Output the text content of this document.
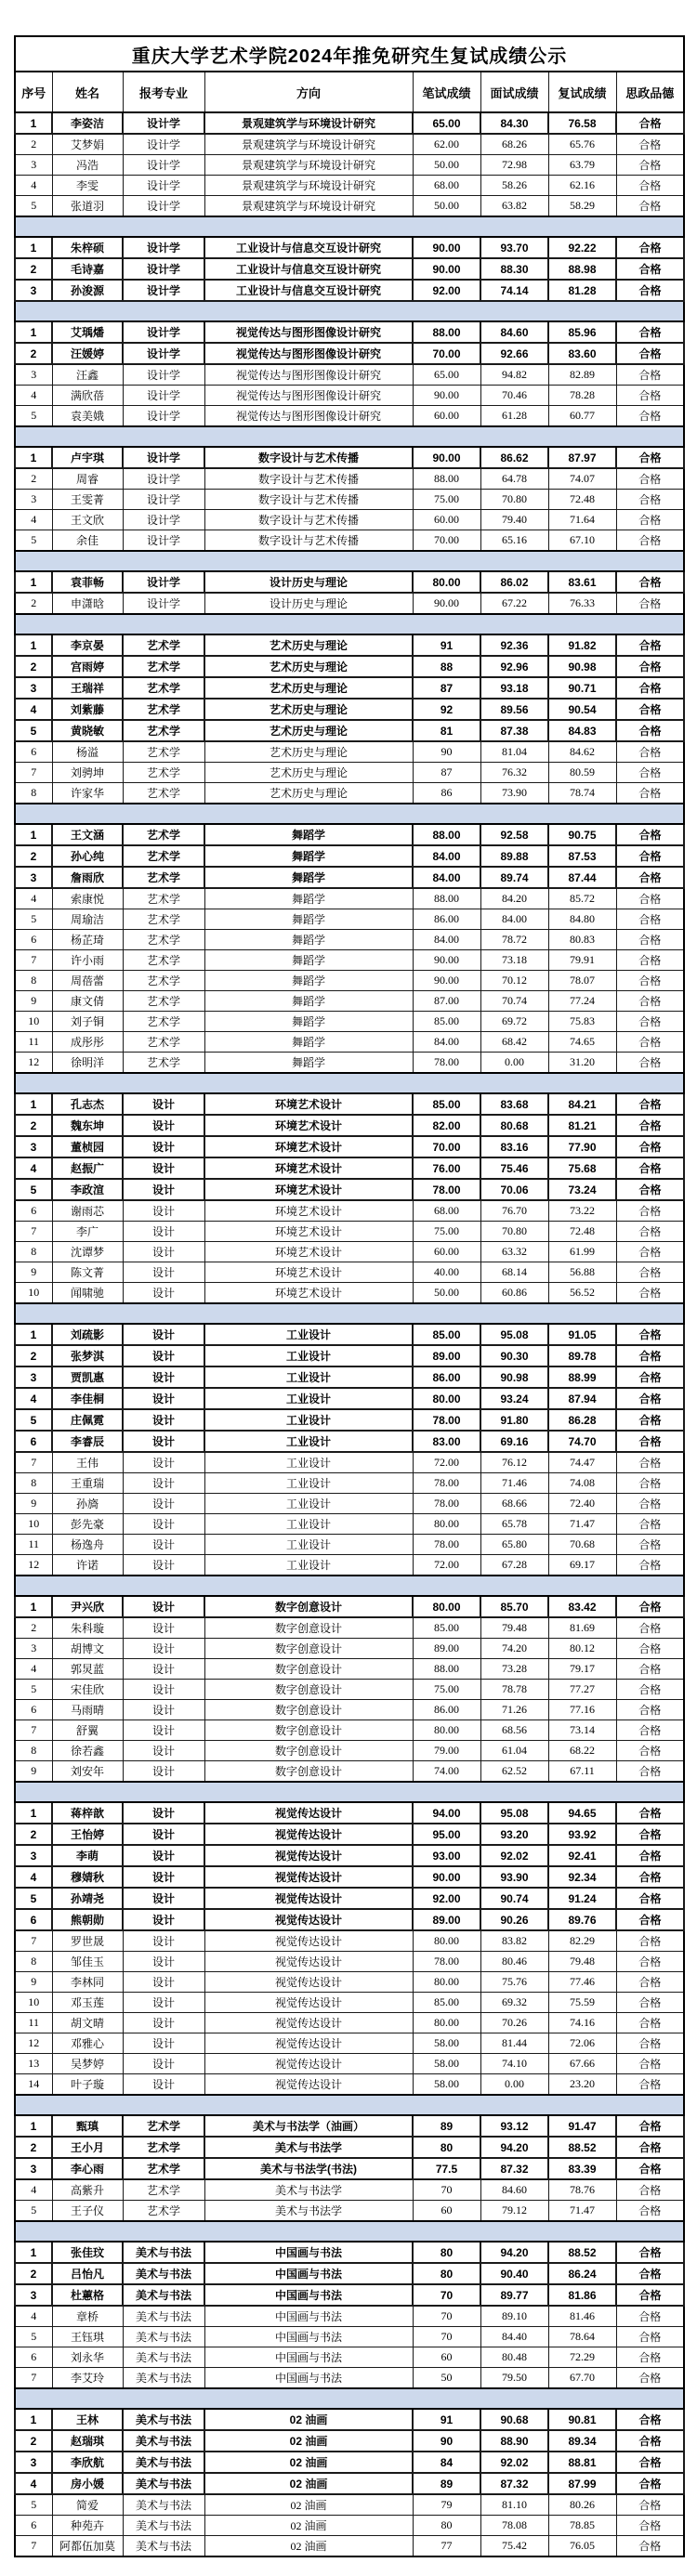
重庆大学艺术学院2024年推免研究生复试成绩公示							
序号	姓名	报考专业	方向	笔试成绩	面试成绩	复试成绩	思政品德
1	李姿洁	设计学	景观建筑学与环境设计研究	65.00	84.30	76.58	合格
2	艾梦娟	设计学	景观建筑学与环境设计研究	62.00	68.26	65.76	合格
3	冯浩	设计学	景观建筑学与环境设计研究	50.00	72.98	63.79	合格
4	李雯	设计学	景观建筑学与环境设计研究	68.00	58.26	62.16	合格
5	张道羽	设计学	景观建筑学与环境设计研究	50.00	63.82	58.29	合格

1	朱梓硕	设计学	工业设计与信息交互设计研究	90.00	93.70	92.22	合格
2	毛诗嘉	设计学	工业设计与信息交互设计研究	90.00	88.30	88.98	合格
3	孙浚源	设计学	工业设计与信息交互设计研究	92.00	74.14	81.28	合格

1	艾瑀燔	设计学	视觉传达与图形图像设计研究	88.00	84.60	85.96	合格
2	汪媛婷	设计学	视觉传达与图形图像设计研究	70.00	92.66	83.60	合格
3	汪鑫	设计学	视觉传达与图形图像设计研究	65.00	94.82	82.89	合格
4	满欣蓓	设计学	视觉传达与图形图像设计研究	90.00	70.46	78.28	合格
5	袁美娥	设计学	视觉传达与图形图像设计研究	60.00	61.28	60.77	合格

1	卢宇琪	设计学	数字设计与艺术传播	90.00	86.62	87.97	合格
2	周睿	设计学	数字设计与艺术传播	88.00	64.78	74.07	合格
3	王雯菁	设计学	数字设计与艺术传播	75.00	70.80	72.48	合格
4	王文欣	设计学	数字设计与艺术传播	60.00	79.40	71.64	合格
5	余佳	设计学	数字设计与艺术传播	70.00	65.16	67.10	合格

1	袁菲畅	设计学	设计历史与理论	80.00	86.02	83.61	合格
2	申潇晗	设计学	设计历史与理论	90.00	67.22	76.33	合格

1	李京晏	艺术学	艺术历史与理论	91	92.36	91.82	合格
2	宫雨婷	艺术学	艺术历史与理论	88	92.96	90.98	合格
3	王瑞祥	艺术学	艺术历史与理论	87	93.18	90.71	合格
4	刘紫藤	艺术学	艺术历史与理论	92	89.56	90.54	合格
5	黄晓敏	艺术学	艺术历史与理论	81	87.38	84.83	合格
6	杨溢	艺术学	艺术历史与理论	90	81.04	84.62	合格
7	刘骋坤	艺术学	艺术历史与理论	87	76.32	80.59	合格
8	许家华	艺术学	艺术历史与理论	86	73.90	78.74	合格

1	王文涵	艺术学	舞蹈学	88.00	92.58	90.75	合格
2	孙心纯	艺术学	舞蹈学	84.00	89.88	87.53	合格
3	詹雨欣	艺术学	舞蹈学	84.00	89.74	87.44	合格
4	索康悦	艺术学	舞蹈学	88.00	84.20	85.72	合格
5	周瑜洁	艺术学	舞蹈学	86.00	84.00	84.80	合格
6	杨芷琦	艺术学	舞蹈学	84.00	78.72	80.83	合格
7	许小雨	艺术学	舞蹈学	90.00	73.18	79.91	合格
8	周蓓蕾	艺术学	舞蹈学	90.00	70.12	78.07	合格
9	康文倩	艺术学	舞蹈学	87.00	70.74	77.24	合格
10	刘子铜	艺术学	舞蹈学	85.00	69.72	75.83	合格
11	成彤彤	艺术学	舞蹈学	84.00	68.42	74.65	合格
12	徐明洋	艺术学	舞蹈学	78.00	0.00	31.20	合格

1	孔志杰	设计	环境艺术设计	85.00	83.68	84.21	合格
2	魏东坤	设计	环境艺术设计	82.00	80.68	81.21	合格
3	董桢园	设计	环境艺术设计	70.00	83.16	77.90	合格
4	赵振广	设计	环境艺术设计	76.00	75.46	75.68	合格
5	李政渲	设计	环境艺术设计	78.00	70.06	73.24	合格
6	谢雨芯	设计	环境艺术设计	68.00	76.70	73.22	合格
7	李广	设计	环境艺术设计	75.00	70.80	72.48	合格
8	沈谭梦	设计	环境艺术设计	60.00	63.32	61.99	合格
9	陈文菁	设计	环境艺术设计	40.00	68.14	56.88	合格
10	闻啸驰	设计	环境艺术设计	50.00	60.86	56.52	合格

1	刘疏影	设计	工业设计	85.00	95.08	91.05	合格
2	张梦淇	设计	工业设计	89.00	90.30	89.78	合格
3	贾凯惠	设计	工业设计	86.00	90.98	88.99	合格
4	李佳桐	设计	工业设计	80.00	93.24	87.94	合格
5	庄佩霓	设计	工业设计	78.00	91.80	86.28	合格
6	李睿辰	设计	工业设计	83.00	69.16	74.70	合格
7	王伟	设计	工业设计	72.00	76.12	74.47	合格
8	王重瑞	设计	工业设计	78.00	71.46	74.08	合格
9	孙旖	设计	工业设计	78.00	68.66	72.40	合格
10	彭先豪	设计	工业设计	80.00	65.78	71.47	合格
11	杨逸舟	设计	工业设计	78.00	65.80	70.68	合格
12	许诺	设计	工业设计	72.00	67.28	69.17	合格

1	尹兴欣	设计	数字创意设计	80.00	85.70	83.42	合格
2	朱科璇	设计	数字创意设计	85.00	79.48	81.69	合格
3	胡博文	设计	数字创意设计	89.00	74.20	80.12	合格
4	郭炅蓝	设计	数字创意设计	88.00	73.28	79.17	合格
5	宋佳欣	设计	数字创意设计	75.00	78.78	77.27	合格
6	马雨晴	设计	数字创意设计	86.00	71.26	77.16	合格
7	舒翼	设计	数字创意设计	80.00	68.56	73.14	合格
8	徐若鑫	设计	数字创意设计	79.00	61.04	68.22	合格
9	刘安年	设计	数字创意设计	74.00	62.52	67.11	合格

1	蒋梓歆	设计	视觉传达设计	94.00	95.08	94.65	合格
2	王怡婷	设计	视觉传达设计	95.00	93.20	93.92	合格
3	李萌	设计	视觉传达设计	93.00	92.02	92.41	合格
4	穆婧秋	设计	视觉传达设计	90.00	93.90	92.34	合格
5	孙靖尧	设计	视觉传达设计	92.00	90.74	91.24	合格
6	熊朝勋	设计	视觉传达设计	89.00	90.26	89.76	合格
7	罗世晟	设计	视觉传达设计	80.00	83.82	82.29	合格
8	邹佳玉	设计	视觉传达设计	78.00	80.46	79.48	合格
9	李林同	设计	视觉传达设计	80.00	75.76	77.46	合格
10	邓玉莲	设计	视觉传达设计	85.00	69.32	75.59	合格
11	胡文晴	设计	视觉传达设计	80.00	70.26	74.16	合格
12	邓雅心	设计	视觉传达设计	58.00	81.44	72.06	合格
13	吴梦婷	设计	视觉传达设计	58.00	74.10	67.66	合格
14	叶子璇	设计	视觉传达设计	58.00	0.00	23.20	合格

1	甄瑱	艺术学	美术与书法学（油画）	89	93.12	91.47	合格
2	王小月	艺术学	美术与书法学	80	94.20	88.52	合格
3	李心雨	艺术学	美术与书法学(书法)	77.5	87.32	83.39	合格
4	高紫升	艺术学	美术与书法学	70	84.60	78.76	合格
5	王子仪	艺术学	美术与书法学	60	79.12	71.47	合格

1	张佳玟	美术与书法	中国画与书法	80	94.20	88.52	合格
2	吕怡凡	美术与书法	中国画与书法	80	90.40	86.24	合格
3	杜蕙格	美术与书法	中国画与书法	70	89.77	81.86	合格
4	章桥	美术与书法	中国画与书法	70	89.10	81.46	合格
5	王钰琪	美术与书法	中国画与书法	70	84.40	78.64	合格
6	刘永华	美术与书法	中国画与书法	60	80.48	72.29	合格
7	李艾玲	美术与书法	中国画与书法	50	79.50	67.70	合格

1	王林	美术与书法	02 油画	91	90.68	90.81	合格
2	赵瑞琪	美术与书法	02 油画	90	88.90	89.34	合格
3	李欣航	美术与书法	02 油画	84	92.02	88.81	合格
4	房小媛	美术与书法	02 油画	89	87.32	87.99	合格
5	简爱	美术与书法	02 油画	79	81.10	80.26	合格
6	种苑卉	美术与书法	02 油画	80	78.08	78.85	合格
7	阿都伍加莫	美术与书法	02 油画	77	75.42	76.05	合格
